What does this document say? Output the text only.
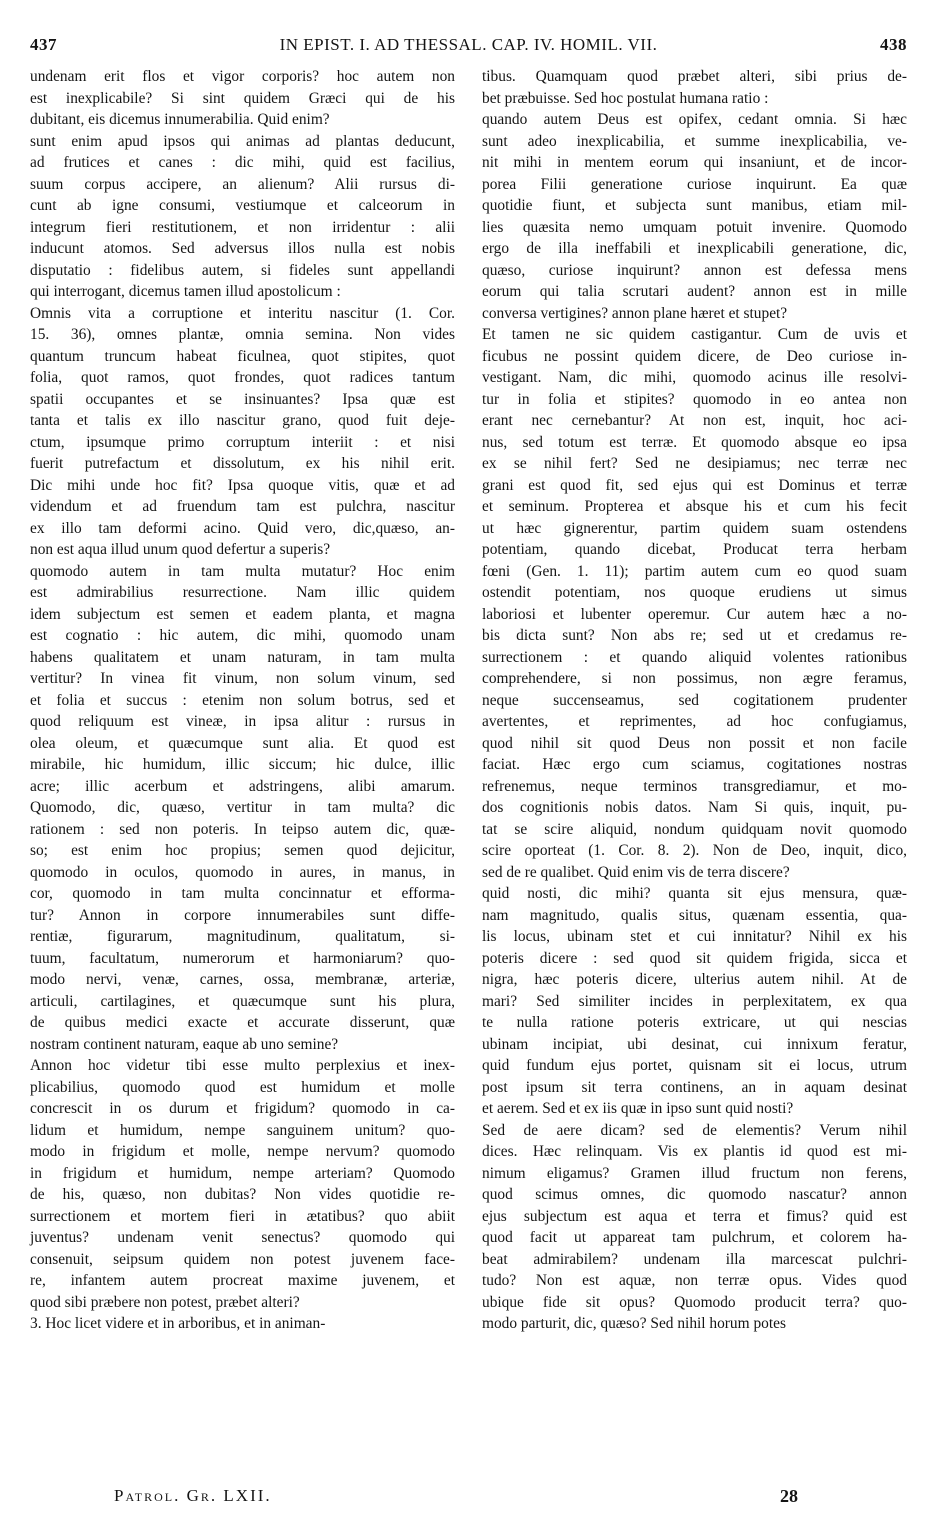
437	IN EPIST. I. AD THESSAL. CAP. IV. HOMIL. VII.	438
undenam erit flos et vigor corporis? hoc autem non
est inexplicabile? Si sint quidem Græci qui de his
dubitant, eis dicemus innumerabilia. Quid enim?
sunt enim apud ipsos qui animas ad plantas deducunt,
ad frutices et canes : dic mihi, quid est facilius,
suum corpus accipere, an alienum? Alii rursus di-
cunt ab igne consumi, vestiumque et calceorum in
integrum fieri restitutionem, et non irridentur : alii
inducunt atomos. Sed adversus illos nulla est nobis
disputatio : fidelibus autem, si fideles sunt appellandi
qui interrogant, dicemus tamen illud apostolicum :
Omnis vita a corruptione et interitu nascitur (1. Cor.
15. 36), omnes plantæ, omnia semina. Non vides
quantum truncum habeat ficulnea, quot stipites, quot
folia, quot ramos, quot frondes, quot radices tantum
spatii occupantes et se insinuantes? Ipsa quæ est
tanta et talis ex illo nascitur grano, quod fuit deje-
ctum, ipsumque primo corruptum interiit : et nisi
fuerit putrefactum et dissolutum, ex his nihil erit.
Dic mihi unde hoc fit? Ipsa quoque vitis, quæ et ad
videndum et ad fruendum tam est pulchra, nascitur
ex illo tam deformi acino. Quid vero, dic,quæso, an-
non est aqua illud unum quod defertur a superis?
quomodo autem in tam multa mutatur? Hoc enim
est admirabilius resurrectione. Nam illic quidem
idem subjectum est semen et eadem planta, et magna
est cognatio : hic autem, dic mihi, quomodo unam
habens qualitatem et unam naturam, in tam multa
vertitur? In vinea fit vinum, non solum vinum, sed
et folia et succus : etenim non solum botrus, sed et
quod reliquum est vineæ, in ipsa alitur : rursus in
olea oleum, et quæcumque sunt alia. Et quod est
mirabile, hic humidum, illic siccum; hic dulce, illic
acre; illic acerbum et adstringens, alibi amarum.
Quomodo, dic, quæso, vertitur in tam multa? dic
rationem : sed non poteris. In teipso autem dic, quæ-
so; est enim hoc propius; semen quod dejicitur,
quomodo in oculos, quomodo in aures, in manus, in
cor, quomodo in tam multa concinnatur et efforma-
tur? Annon in corpore innumerabiles sunt diffe-
rentiæ, figurarum, magnitudinum, qualitatum, si-
tuum, facultatum, numerorum et harmoniarum? quo-
modo nervi, venæ, carnes, ossa, membranæ, arteriæ,
articuli, cartilagines, et quæcumque sunt his plura,
de quibus medici exacte et accurate disserunt, quæ
nostram continent naturam, eaque ab uno semine?
Annon hoc videtur tibi esse multo perplexius et inex-
plicabilius, quomodo quod est humidum et molle
concrescit in os durum et frigidum? quomodo in ca-
lidum et humidum, nempe sanguinem unitum? quo-
modo in frigidum et molle, nempe nervum? quomodo
in frigidum et humidum, nempe arteriam? Quomodo
de his, quæso, non dubitas? Non vides quotidie re-
surrectionem et mortem fieri in ætatibus? quo abiit
juventus? undenam venit senectus? quomodo qui
consenuit, seipsum quidem non potest juvenem face-
re, infantem autem procreat maxime juvenem, et
quod sibi præbere non potest, præbet alteri?
3. Hoc licet videre et in arboribus, et in animan-
tibus. Quamquam quod præbet alteri, sibi prius de-
bet præbuisse. Sed hoc postulat humana ratio :
quando autem Deus est opifex, cedant omnia. Si hæc
sunt adeo inexplicabilia, et summe inexplicabilia, ve-
nit mihi in mentem eorum qui insaniunt, et de incor-
porea Filii generatione curiose inquirunt. Ea quæ
quotidie fiunt, et subjecta sunt manibus, etiam mil-
lies quæsita nemo umquam potuit invenire. Quomodo
ergo de illa ineffabili et inexplicabili generatione, dic,
quæso, curiose inquirunt? annon est defessa mens
eorum qui talia scrutari audent? annon est in mille
conversa vertigines? annon plane hæret et stupet?
Et tamen ne sic quidem castigantur. Cum de uvis et
ficubus ne possint quidem dicere, de Deo curiose in-
vestigant. Nam, dic mihi, quomodo acinus ille resolvi-
tur in folia et stipites? quomodo in eo antea non
erant nec cernebantur? At non est, inquit, hoc aci-
nus, sed totum est terræ. Et quomodo absque eo ipsa
ex se nihil fert? Sed ne desipiamus; nec terræ nec
grani est quod fit, sed ejus qui est Dominus et terræ
et seminum. Propterea et absque his et cum his fecit
ut hæc gignerentur, partim quidem suam ostendens
potentiam, quando dicebat, Producat terra herbam
fœni (Gen. 1. 11); partim autem cum eo quod suam
ostendit potentiam, nos quoque erudiens ut simus
laboriosi et lubenter operemur. Cur autem hæc a no-
bis dicta sunt? Non abs re; sed ut et credamus re-
surrectionem : et quando aliquid volentes rationibus
comprehendere, si non possimus, non ægre feramus,
neque succenseamus, sed cogitationem prudenter
avertentes, et reprimentes, ad hoc confugiamus,
quod nihil sit quod Deus non possit et non facile
faciat. Hæc ergo cum sciamus, cogitationes nostras
refrenemus, neque terminos transgrediamur, et mo-
dos cognitionis nobis datos. Nam Si quis, inquit, pu-
tat se scire aliquid, nondum quidquam novit quomodo
scire oporteat (1. Cor. 8. 2). Non de Deo, inquit, dico,
sed de re qualibet. Quid enim vis de terra discere?
quid nosti, dic mihi? quanta sit ejus mensura, quæ-
nam magnitudo, qualis situs, quænam essentia, qua-
lis locus, ubinam stet et cui innitatur? Nihil ex his
poteris dicere : sed quod sit quidem frigida, sicca et
nigra, hæc poteris dicere, ulterius autem nihil. At de
mari? Sed similiter incides in perplexitatem, ex qua
te nulla ratione poteris extricare, ut qui nescias
ubinam incipiat, ubi desinat, cui innixum feratur,
quid fundum ejus portet, quisnam sit ei locus, utrum
post ipsum sit terra continens, an in aquam desinat
et aerem. Sed et ex iis quæ in ipso sunt quid nosti?
Sed de aere dicam? sed de elementis? Verum nihil
dices. Hæc relinquam. Vis ex plantis id quod est mi-
nimum eligamus? Gramen illud fructum non ferens,
quod scimus omnes, dic quomodo nascatur? annon
ejus subjectum est aqua et terra et fimus? quid est
quod facit ut appareat tam pulchrum, et colorem ha-
beat admirabilem? undenam illa marcescat pulchri-
tudo? Non est aquæ, non terræ opus. Vides quod
ubique fide sit opus? Quomodo producit terra? quo-
modo parturit, dic, quæso? Sed nihil horum potes
Patrol. Gr. LXII.	28
